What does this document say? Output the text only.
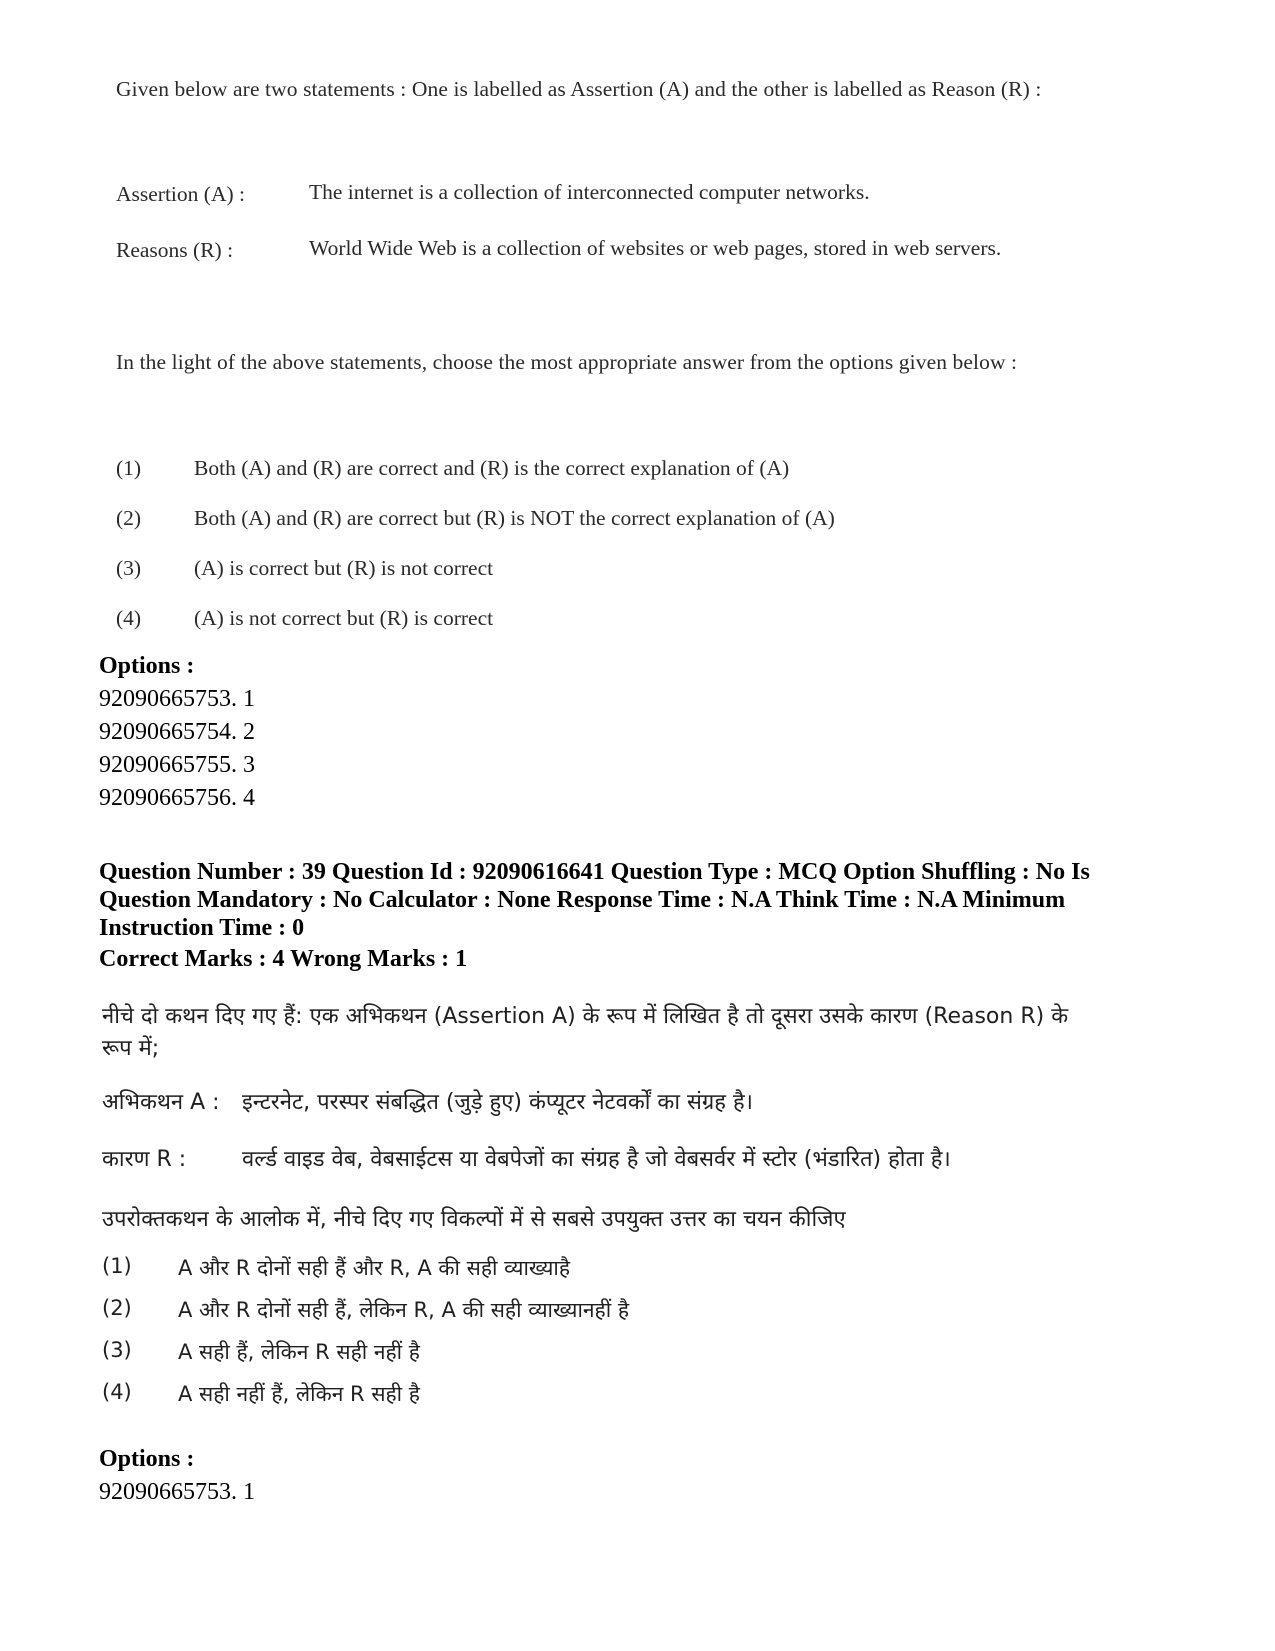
Given below are two statements : One is labelled as Assertion (A) and the other is labelled as Reason (R) :

Assertion (A) :	The internet is a collection of interconnected computer networks.
Reasons (R) :	World Wide Web is a collection of websites or web pages, stored in web servers.

In the light of the above statements, choose the most appropriate answer from the options given below :

(1) Both (A) and (R) are correct and (R) is the correct explanation of (A)
(2) Both (A) and (R) are correct but (R) is NOT the correct explanation of (A)
(3) (A) is correct but (R) is not correct
(4) (A) is not correct but (R) is correct
Options :
92090665753. 1
92090665754. 2
92090665755. 3
92090665756. 4
Question Number : 39 Question Id : 92090616641 Question Type : MCQ Option Shuffling : No Is Question Mandatory : No Calculator : None Response Time : N.A Think Time : N.A Minimum Instruction Time : 0
Correct Marks : 4 Wrong Marks : 1
नीचे दो कथन दिए गए हैं: एक अभिकथन (Assertion A) के रूप में लिखित है तो दूसरा उसके कारण (Reason R) के
रूप में;
अभिकथन A : इन्टरनेट, परस्पर संबद्धित (जुड़े हुए) कंप्यूटर नेटवर्कों का संग्रह है।
कारण R :	वर्ल्ड वाइड वेब, वेबसाईटस या वेबपेजों का संग्रह है जो वेबसर्वर में स्टोर (भंडारित) होता है।
उपरोक्तकथन के आलोक में, नीचे दिए गए विकल्पों में से सबसे उपयुक्त उत्तर का चयन कीजिए
(1) A और R दोनों सही हैं और R, A की सही व्याख्याहै
(2) A और R दोनों सही हैं, लेकिन R, A की सही व्याख्यानहीं है
(3) A सही हैं, लेकिन R सही नहीं है
(4) A सही नहीं हैं, लेकिन R सही है
Options :
92090665753. 1
